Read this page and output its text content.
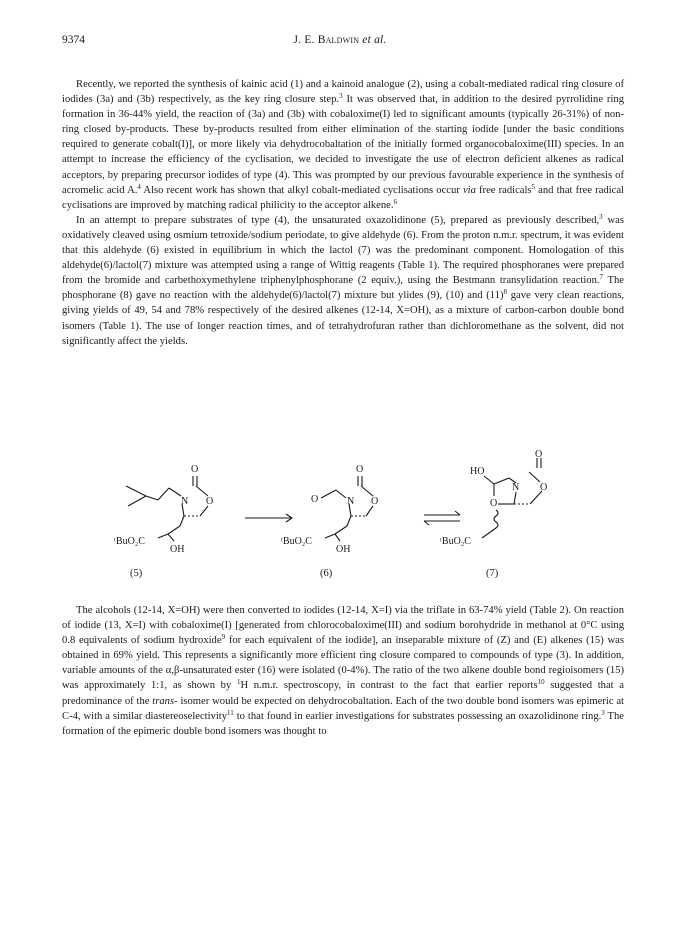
9374	J. E. Baldwin et al.

Recently, we reported the synthesis of kainic acid (1) and a kainoid analogue (2), using a cobalt-mediated radical ring closure of iodides (3a) and (3b) respectively, as the key ring closure step.$^3$ It was observed that, in addition to the desired pyrrolidine ring formation in 36-44% yield, the reaction of (3a) and (3b) with cobaloxime(I) led to significant amounts (typically 26-31%) of non-ring closed by-products. These by-products resulted from either elimination of the starting iodide [under the basic conditions required to generate cobalt(I)], or more likely via dehydrocobaltation of the initially formed organocobaloxime(III) species. In an attempt to increase the efficiency of the cyclisation, we decided to investigate the use of electron deficient alkenes as radical acceptors, by preparing precursor iodides of type (4). This was prompted by our previous favourable experience in the synthesis of acromelic acid A.$^4$ Also recent work has shown that alkyl cobalt-mediated cyclisations occur via free radicals$^5$ and that free radical cyclisations are improved by matching radical philicity to the acceptor alkene.$^6$

In an attempt to prepare substrates of type (4), the unsaturated oxazolidinone (5), prepared as previously described,$^3$ was oxidatively cleaved using osmium tetroxide/sodium periodate, to give aldehyde (6). From the proton n.m.r. spectrum, it was evident that this aldehyde (6) existed in equilibrium in which the lactol (7) was the predominant component. Homologation of this aldehyde(6)/lactol(7) mixture was attempted using a range of Wittig reagents (Table 1). The required phosphoranes were prepared from the bromide and carbethoxymethylene triphenylphosphorane (2 equiv.), using the Bestmann transylidation reaction.$^7$ The phosphorane (8) gave no reaction with the aldehyde(6)/lactol(7) mixture but ylides (9), (10) and $(11)^8$ gave very clean reactions, giving yields of 49, 54 and 78% respectively of the desired alkenes (12-14, X=OH), as a mixture of carbon-carbon double bond isomers (Table 1). The use of longer reaction times, and of tetrahydrofuran rather than dichloromethane as the solvent, did not significantly affect the yields.

O
N O
ᵗBuO₂C
OH
O
O	N O
ᵗBuO₂C
OH
HO
O
N O
O
ᵗBuO₂C
(5)	(6)	(7)

The alcohols (12-14, X=OH) were then converted to iodides (12-14, X=I) via the triflate in 63-74% yield (Table 2). On reaction of iodide (13, X=I) with cobaloxime(I) [generated from chlorocobaloxime(III) and sodium borohydride in methanol at 0°C using 0.8 equivalents of sodium hydroxide$^9$ for each equivalent of the iodide], an inseparable mixture of (Z) and (E) alkenes (15) was obtained in 69% yield. This represents a significantly more efficient ring closure compared to compounds of type (3). In addition, variable amounts of the α,β-unsaturated ester (16) were isolated (0-4%). The ratio of the two alkene double bond regioisomers (15) was approximately 1:1, as shown by $^1$H n.m.r. spectroscopy, in contrast to the fact that earlier reports$^{10}$ suggested that a predominance of the trans- isomer would be expected on dehydrocobaltation. Each of the two double bond isomers was epimeric at C-4, with a similar diastereoselectivity$^{11}$ to that found in earlier investigations for substrates possessing an oxazolidinone ring.$^3$ The formation of the epimeric double bond isomers was thought to
